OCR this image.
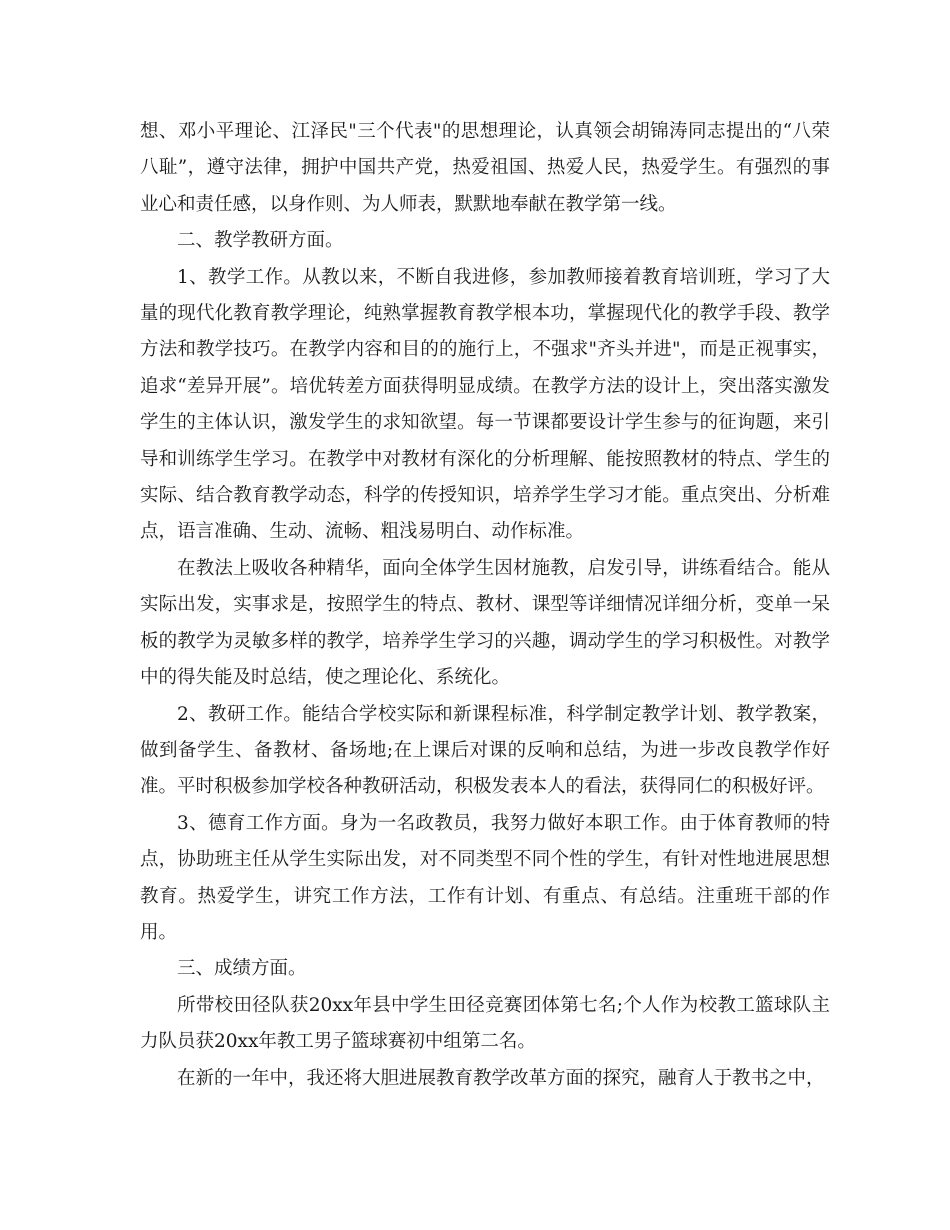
想、邓小平理论、江泽民"三个代表"的思想理论，认真领会胡锦涛同志提出的“八荣八耻”，遵守法律，拥护中国共产党，热爱祖国、热爱人民，热爱学生。有强烈的事业心和责任感，以身作则、为人师表，默默地奉献在教学第一线。

二、教学教研方面。

1、教学工作。从教以来，不断自我进修，参加教师接着教育培训班，学习了大量的现代化教育教学理论，纯熟掌握教育教学根本功，掌握现代化的教学手段、教学方法和教学技巧。在教学内容和目的的施行上，不强求"齐头并进"，而是正视事实，追求“差异开展”。培优转差方面获得明显成绩。在教学方法的设计上，突出落实激发学生的主体认识，激发学生的求知欲望。每一节课都要设计学生参与的征询题，来引导和训练学生学习。在教学中对教材有深化的分析理解、能按照教材的特点、学生的实际、结合教育教学动态，科学的传授知识，培养学生学习才能。重点突出、分析难点，语言准确、生动、流畅、粗浅易明白、动作标准。

在教法上吸收各种精华，面向全体学生因材施教，启发引导，讲练看结合。能从实际出发，实事求是，按照学生的特点、教材、课型等详细情况详细分析，变单一呆板的教学为灵敏多样的教学，培养学生学习的兴趣，调动学生的学习积极性。对教学中的得失能及时总结，使之理论化、系统化。

2、教研工作。能结合学校实际和新课程标准，科学制定教学计划、教学教案，做到备学生、备教材、备场地;在上课后对课的反响和总结，为进一步改良教学作好准。平时积极参加学校各种教研活动，积极发表本人的看法，获得同仁的积极好评。

3、德育工作方面。身为一名政教员，我努力做好本职工作。由于体育教师的特点，协助班主任从学生实际出发，对不同类型不同个性的学生，有针对性地进展思想教育。热爱学生，讲究工作方法，工作有计划、有重点、有总结。注重班干部的作用。

三、成绩方面。

所带校田径队获20xx年县中学生田径竞赛团体第七名;个人作为校教工篮球队主力队员获20xx年教工男子篮球赛初中组第二名。

在新的一年中，我还将大胆进展教育教学改革方面的探究，融育人于教书之中，
